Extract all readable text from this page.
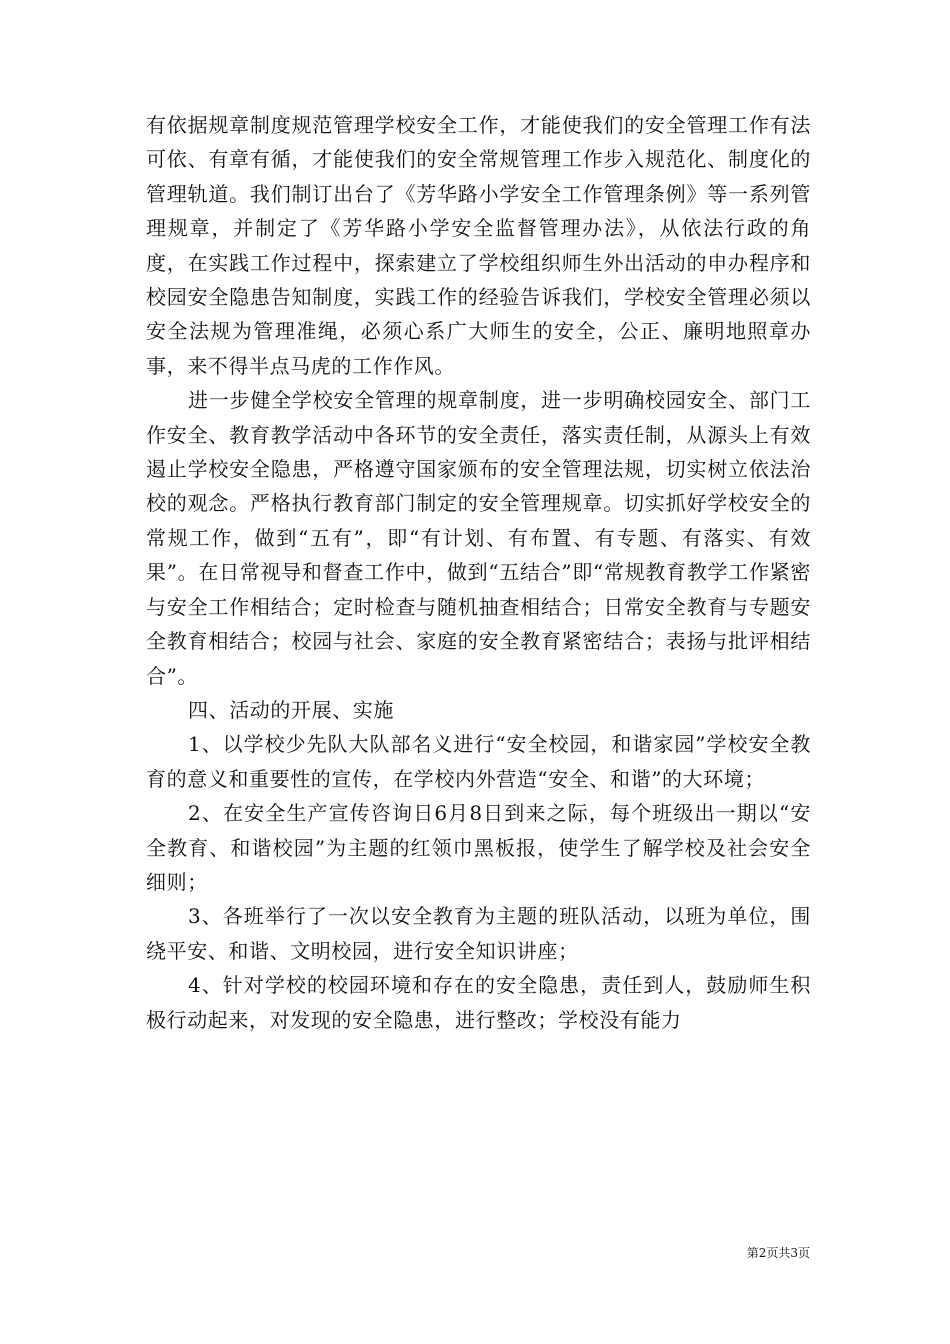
有依据规章制度规范管理学校安全工作，才能使我们的安全管理工作有法可依、有章有循，才能使我们的安全常规管理工作步入规范化、制度化的管理轨道。我们制订出台了《芳华路小学安全工作管理条例》等一系列管理规章，并制定了《芳华路小学安全监督管理办法》，从依法行政的角度，在实践工作过程中，探索建立了学校组织师生外出活动的申办程序和校园安全隐患告知制度，实践工作的经验告诉我们，学校安全管理必须以安全法规为管理准绳，必须心系广大师生的安全，公正、廉明地照章办事，来不得半点马虎的工作作风。

进一步健全学校安全管理的规章制度，进一步明确校园安全、部门工作安全、教育教学活动中各环节的安全责任，落实责任制，从源头上有效遏止学校安全隐患，严格遵守国家颁布的安全管理法规，切实树立依法治校的观念。严格执行教育部门制定的安全管理规章。切实抓好学校安全的常规工作，做到“五有”，即“有计划、有布置、有专题、有落实、有效果”。在日常视导和督查工作中，做到“五结合”即“常规教育教学工作紧密与安全工作相结合；定时检查与随机抽查相结合；日常安全教育与专题安全教育相结合；校园与社会、家庭的安全教育紧密结合；表扬与批评相结合”。

四、活动的开展、实施

1、以学校少先队大队部名义进行“安全校园，和谐家园”学校安全教育的意义和重要性的宣传，在学校内外营造“安全、和谐”的大环境；

2、在安全生产宣传咨询日6月8日到来之际，每个班级出一期以“安全教育、和谐校园”为主题的红领巾黑板报，使学生了解学校及社会安全细则；

3、各班举行了一次以安全教育为主题的班队活动，以班为单位，围绕平安、和谐、文明校园，进行安全知识讲座；

4、针对学校的校园环境和存在的安全隐患，责任到人，鼓励师生积极行动起来，对发现的安全隐患，进行整改；学校没有能力

第2页共3页
